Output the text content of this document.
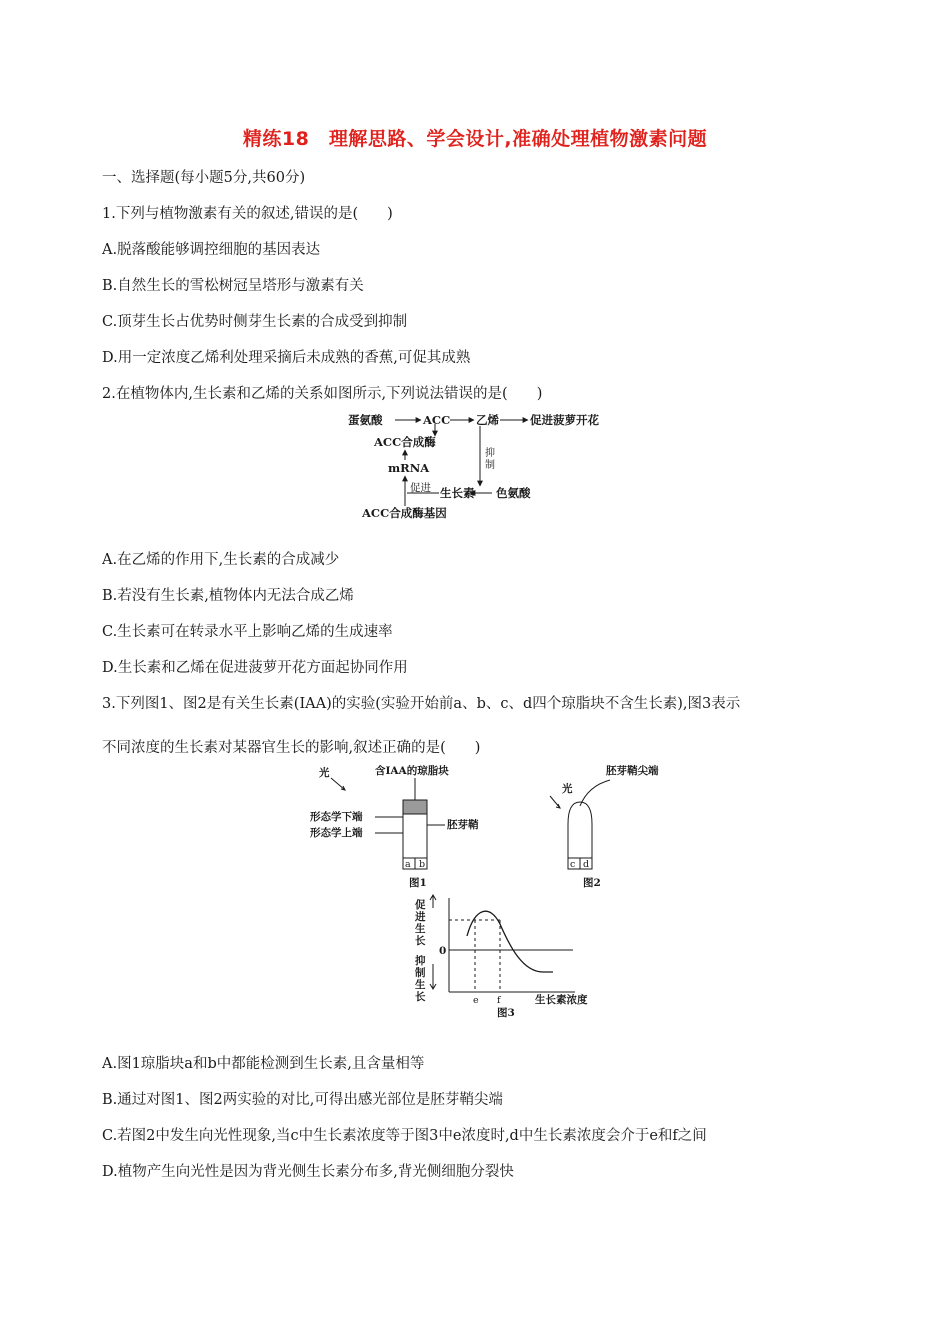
精练18　理解思路、学会设计,准确处理植物激素问题
一、选择题(每小题5分,共60分)
1.下列与植物激素有关的叙述,错误的是(　　)
A.脱落酸能够调控细胞的基因表达
B.自然生长的雪松树冠呈塔形与激素有关
C.顶芽生长占优势时侧芽生长素的合成受到抑制
D.用一定浓度乙烯利处理采摘后未成熟的香蕉,可促其成熟
2.在植物体内,生长素和乙烯的关系如图所示,下列说法错误的是(　　)
蛋氨酸	ACC 乙烯	促进菠萝开花
ACC合成酶
mRNA
促进 生长素 色氨酸
ACC合成酶基因
抑
制
A.在乙烯的作用下,生长素的合成减少
B.若没有生长素,植物体内无法合成乙烯
C.生长素可在转录水平上影响乙烯的生成速率
D.生长素和乙烯在促进菠萝开花方面起协同作用
3.下列图1、图2是有关生长素(IAA)的实验(实验开始前a、b、c、d四个琼脂块不含生长素),图3表示
不同浓度的生长素对某器官生长的影响,叙述正确的是(　　)
光	含IAA的琼脂块
形态学下端
形态学上端
胚芽鞘
a b
图1
胚芽鞘尖端
光
c d
图2
促
进
生
长
0
抑
制
生
长	e f	生长素浓度
图3
A.图1琼脂块a和b中都能检测到生长素,且含量相等
B.通过对图1、图2两实验的对比,可得出感光部位是胚芽鞘尖端
C.若图2中发生向光性现象,当c中生长素浓度等于图3中e浓度时,d中生长素浓度会介于e和f之间
D.植物产生向光性是因为背光侧生长素分布多,背光侧细胞分裂快
